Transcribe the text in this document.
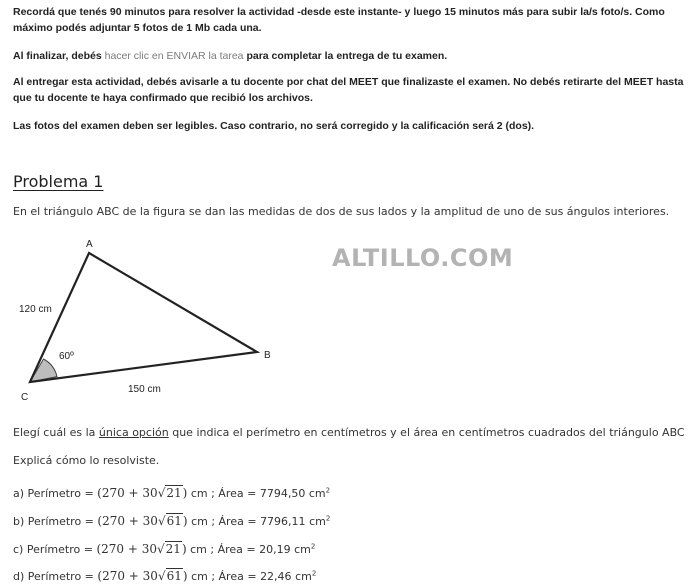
Recordá que tenés 90 minutos para resolver la actividad -desde este instante- y luego 15 minutos más para subir la/s foto/s. Como máximo podés adjuntar 5 fotos de 1 Mb cada una.
Al finalizar, debés hacer clic en ENVIAR la tarea para completar la entrega de tu examen.
Al entregar esta actividad, debés avisarle a tu docente por chat del MEET que finalizaste el examen. No debés retirarte del MEET hasta que tu docente te haya confirmado que recibió los archivos.
Las fotos del examen deben ser legibles. Caso contrario, no será corregido y la calificación será 2 (dos).
Problema 1
En el triángulo ABC de la figura se dan las medidas de dos de sus lados y la amplitud de uno de sus ángulos interiores.
A
B
C
120 cm
150 cm
60º
ALTILLO.COM
Elegí cuál es la única opción que indica el perímetro en centímetros y el área en centímetros cuadrados del triángulo ABC
Explicá cómo lo resolviste.
a) Perímetro = (270 + 30√21) cm ; Área = 7794,50 $cm^2$
b) Perímetro = (270 + 30√61) cm ; Área = 7796,11 $cm^2$
c) Perímetro = (270 + 30√21) cm ; Área = 20,19 $cm^2$
d) Perímetro = (270 + 30√61) cm ; Área = 22,46 $cm^2$
